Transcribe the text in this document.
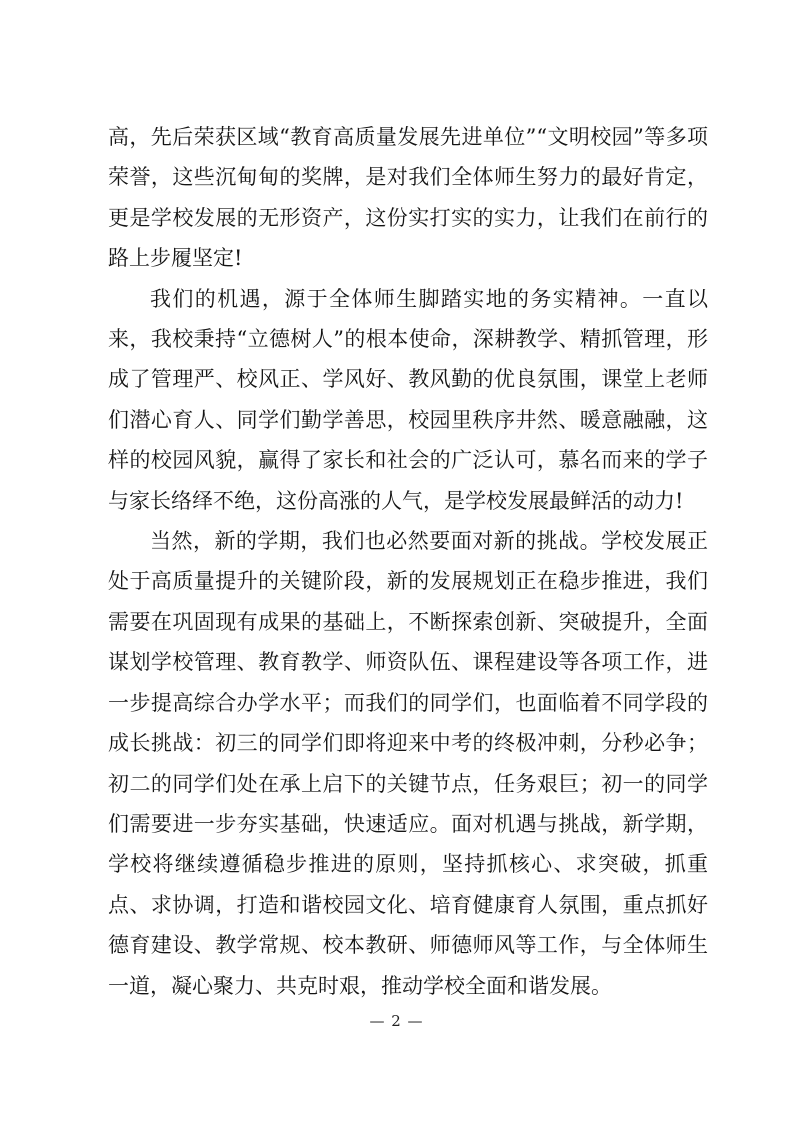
高，先后荣获区域“教育高质量发展先进单位”“文明校园”等多项荣誉，这些沉甸甸的奖牌，是对我们全体师生努力的最好肯定，更是学校发展的无形资产，这份实打实的实力，让我们在前行的路上步履坚定!

我们的机遇，源于全体师生脚踏实地的务实精神。一直以来，我校秉持“立德树人”的根本使命，深耕教学、精抓管理，形成了管理严、校风正、学风好、教风勤的优良氛围，课堂上老师们潜心育人、同学们勤学善思，校园里秩序井然、暖意融融，这样的校园风貌，赢得了家长和社会的广泛认可，慕名而来的学子与家长络绎不绝，这份高涨的人气，是学校发展最鲜活的动力!

当然，新的学期，我们也必然要面对新的挑战。学校发展正处于高质量提升的关键阶段，新的发展规划正在稳步推进，我们需要在巩固现有成果的基础上，不断探索创新、突破提升，全面谋划学校管理、教育教学、师资队伍、课程建设等各项工作，进一步提高综合办学水平；而我们的同学们，也面临着不同学段的成长挑战：初三的同学们即将迎来中考的终极冲刺，分秒必争；初二的同学们处在承上启下的关键节点，任务艰巨；初一的同学们需要进一步夯实基础，快速适应。面对机遇与挑战，新学期，学校将继续遵循稳步推进的原则，坚持抓核心、求突破，抓重点、求协调，打造和谐校园文化、培育健康育人氛围，重点抓好德育建设、教学常规、校本教研、师德师风等工作，与全体师生一道，凝心聚力、共克时艰，推动学校全面和谐发展。

— 2 —
